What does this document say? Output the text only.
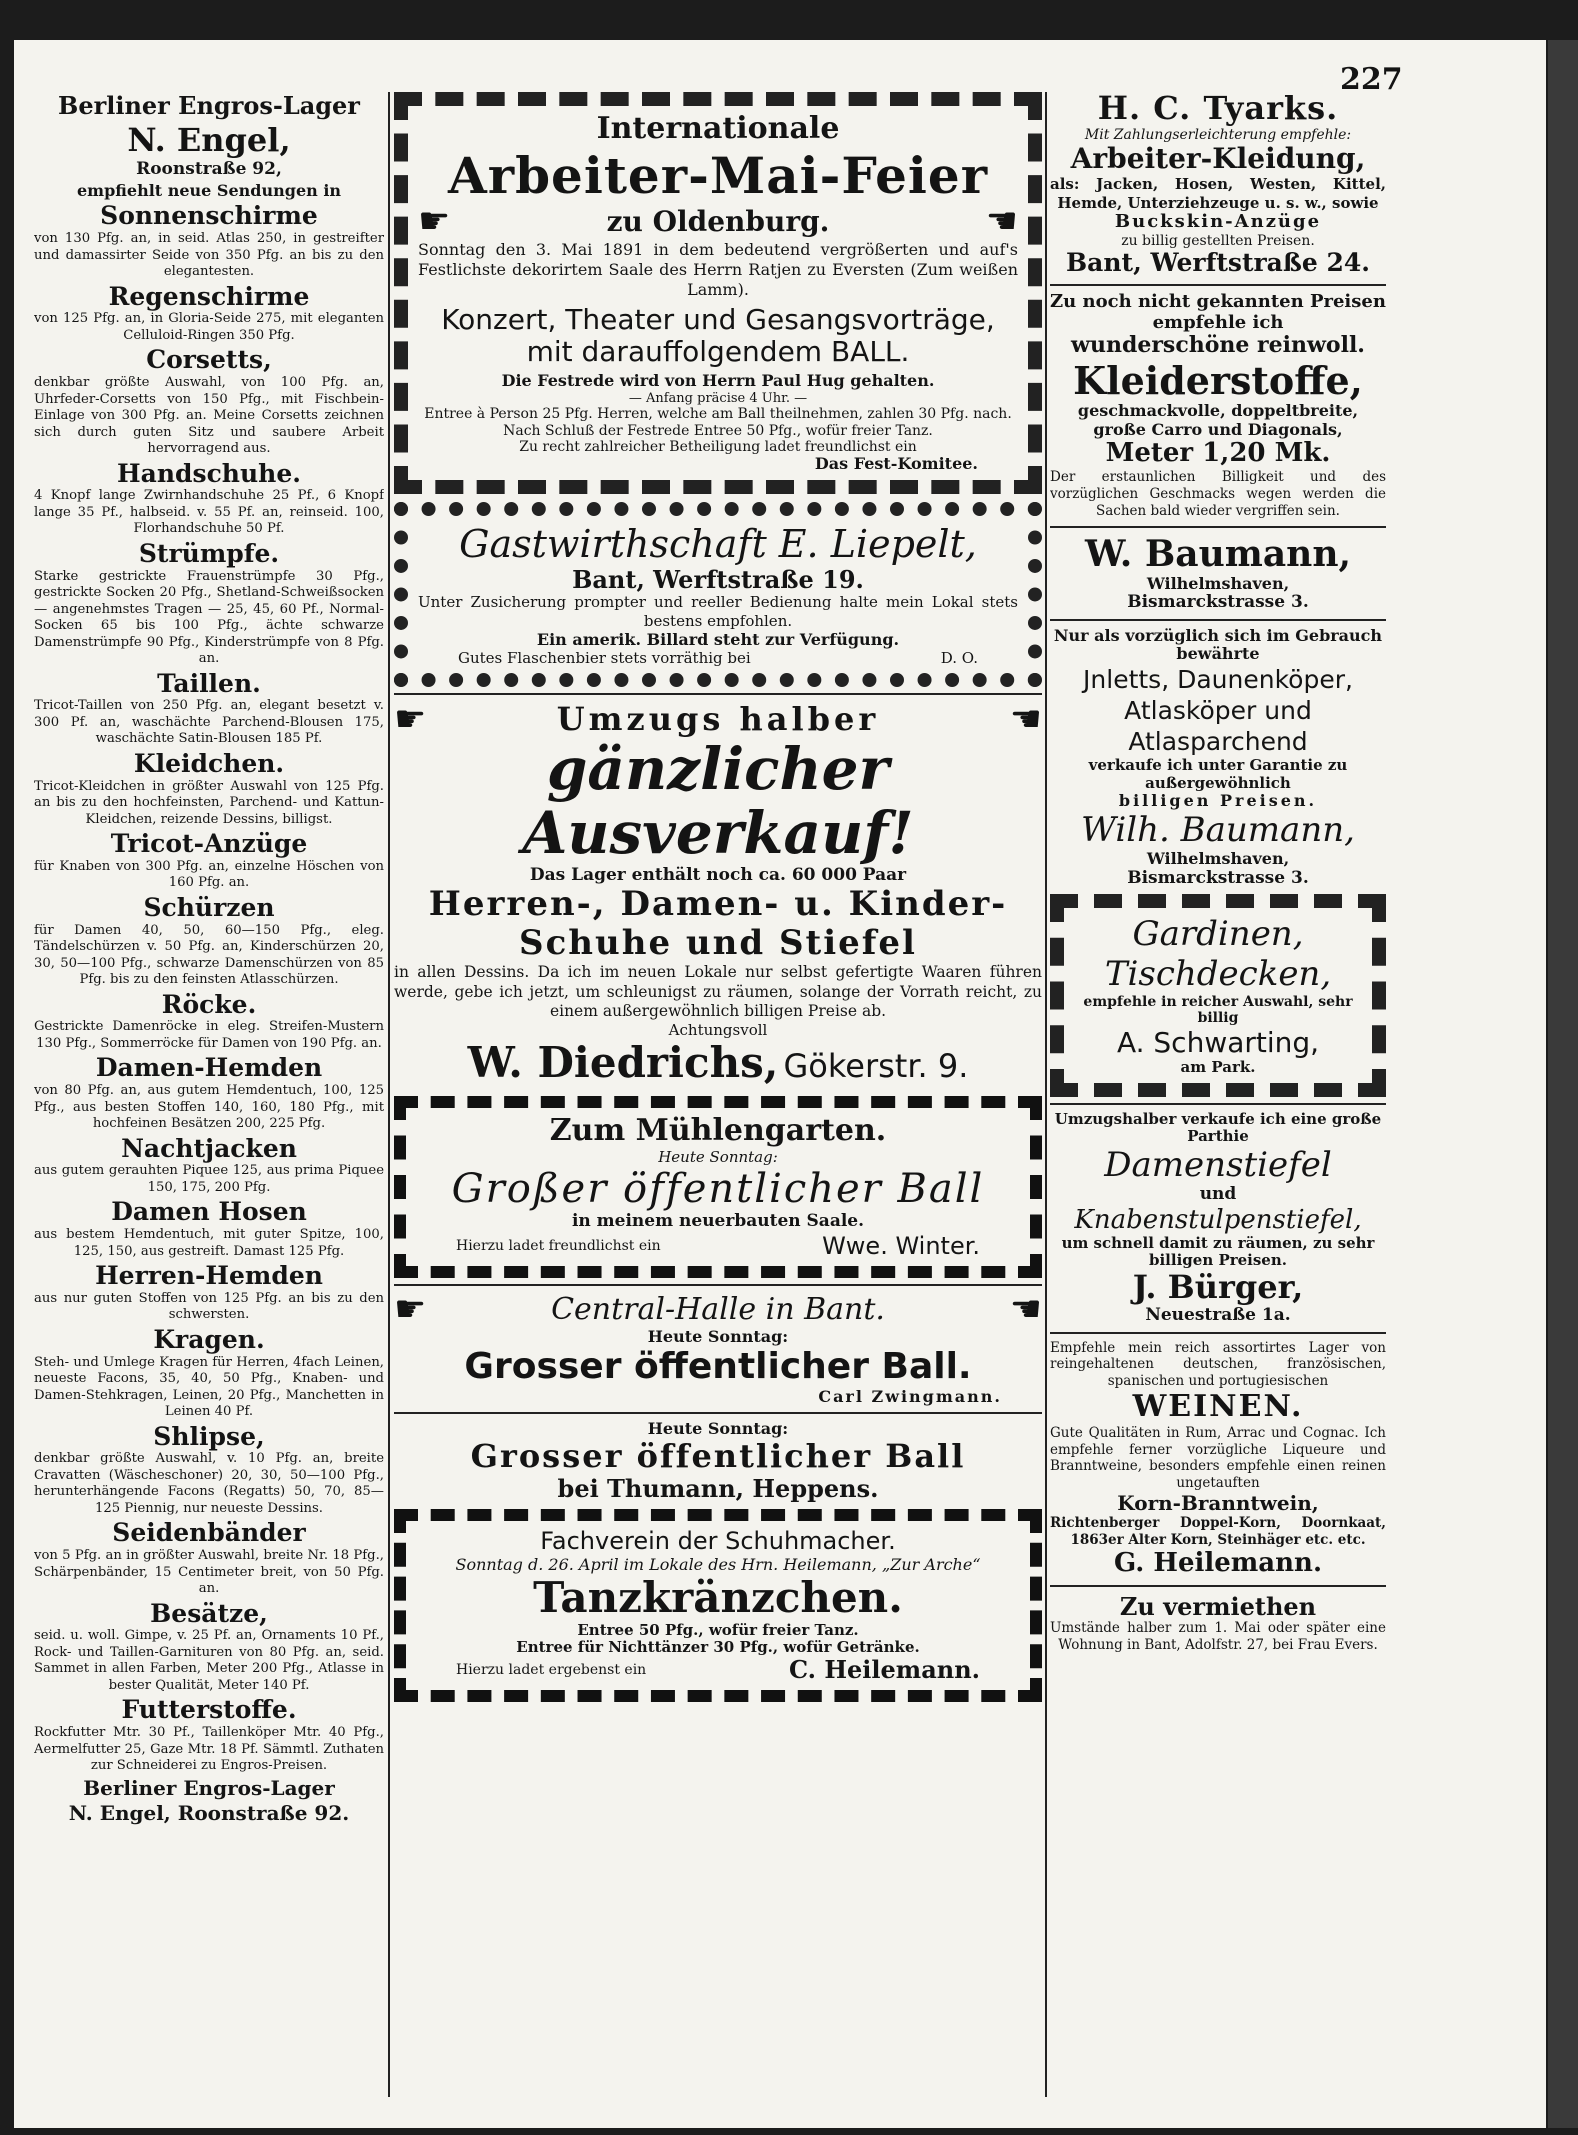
227

Berliner Engros-Lager

N. Engel,

Roonstraße 92,

empfiehlt neue Sendungen in

Sonnenschirme

von 130 Pfg. an, in seid. Atlas 250, in gestreifter und damassirter Seide von 350 Pfg. an bis zu den elegantesten.

Regenschirme

von 125 Pfg. an, in Gloria-Seide 275, mit eleganten Celluloid-Ringen 350 Pfg.

Corsetts,

denkbar größte Auswahl, von 100 Pfg. an, Uhrfeder-Corsetts von 150 Pfg., mit Fischbein-Einlage von 300 Pfg. an. Meine Corsetts zeichnen sich durch guten Sitz und saubere Arbeit hervorragend aus.

Handschuhe.

4 Knopf lange Zwirnhandschuhe 25 Pf., 6 Knopf lange 35 Pf., halbseid. v. 55 Pf. an, reinseid. 100, Florhandschuhe 50 Pf.

Strümpfe.

Starke gestrickte Frauenstrümpfe 30 Pfg., gestrickte Socken 20 Pfg., Shetland-Schweißsocken — angenehmstes Tragen — 25, 45, 60 Pf., Normal-Socken 65 bis 100 Pfg., ächte schwarze Damenstrümpfe 90 Pfg., Kinderstrümpfe von 8 Pfg. an.

Taillen.

Tricot-Taillen von 250 Pfg. an, elegant besetzt v. 300 Pf. an, waschächte Parchend-Blousen 175, waschächte Satin-Blousen 185 Pf.

Kleidchen.

Tricot-Kleidchen in größter Auswahl von 125 Pfg. an bis zu den hochfeinsten, Parchend- und Kattun-Kleidchen, reizende Dessins, billigst.

Tricot-Anzüge

für Knaben von 300 Pfg. an, einzelne Höschen von 160 Pfg. an.

Schürzen

für Damen 40, 50, 60—150 Pfg., eleg. Tändelschürzen v. 50 Pfg. an, Kinderschürzen 20, 30, 50—100 Pfg., schwarze Damenschürzen von 85 Pfg. bis zu den feinsten Atlasschürzen.

Röcke.

Gestrickte Damenröcke in eleg. Streifen-Mustern 130 Pfg., Sommerröcke für Damen von 190 Pfg. an.

Damen-Hemden

von 80 Pfg. an, aus gutem Hemdentuch, 100, 125 Pfg., aus besten Stoffen 140, 160, 180 Pfg., mit hochfeinen Besätzen 200, 225 Pfg.

Nachtjacken

aus gutem gerauhten Piquee 125, aus prima Piquee 150, 175, 200 Pfg.

Damen Hosen

aus bestem Hemdentuch, mit guter Spitze, 100, 125, 150, aus gestreift. Damast 125 Pfg.

Herren-Hemden

aus nur guten Stoffen von 125 Pfg. an bis zu den schwersten.

Kragen.

Steh- und Umlege Kragen für Herren, 4fach Leinen, neueste Facons, 35, 40, 50 Pfg., Knaben- und Damen-Stehkragen, Leinen, 20 Pfg., Manchetten in Leinen 40 Pf.

Shlipse,

denkbar größte Auswahl, v. 10 Pfg. an, breite Cravatten (Wäscheschoner) 20, 30, 50—100 Pfg., herunterhängende Facons (Regatts) 50, 70, 85—125 Piennig, nur neueste Dessins.

Seidenbänder

von 5 Pfg. an in größter Auswahl, breite Nr. 18 Pfg., Schärpenbänder, 15 Centimeter breit, von 50 Pfg. an.

Besätze,

seid. u. woll. Gimpe, v. 25 Pf. an, Ornaments 10 Pf., Rock- und Taillen-Garnituren von 80 Pfg. an, seid. Sammet in allen Farben, Meter 200 Pfg., Atlasse in bester Qualität, Meter 140 Pf.

Futterstoffe.

Rockfutter Mtr. 30 Pf., Taillenköper Mtr. 40 Pfg., Aermelfutter 25, Gaze Mtr. 18 Pf. Sämmtl. Zuthaten zur Schneiderei zu Engros-Preisen.

Berliner Engros-Lager

N. Engel, Roonstraße 92.

Internationale

Arbeiter-Mai-Feier

☛	zu Oldenburg.	☚

Sonntag den 3. Mai 1891 in dem bedeutend vergrößerten und auf's Festlichste dekorirtem Saale des Herrn Ratjen zu Eversten (Zum weißen Lamm).

Konzert, Theater und Gesangsvorträge, mit darauffolgendem BALL.

Die Festrede wird von Herrn Paul Hug gehalten.

— Anfang präcise 4 Uhr. —

Entree à Person 25 Pfg. Herren, welche am Ball theilnehmen, zahlen 30 Pfg. nach.

Nach Schluß der Festrede Entree 50 Pfg., wofür freier Tanz.

Zu recht zahlreicher Betheiligung ladet freundlichst ein

Das Fest-Komitee.

Gastwirthschaft E. Liepelt,

Bant, Werftstraße 19.

Unter Zusicherung prompter und reeller Bedienung halte mein Lokal stets bestens empfohlen.

Ein amerik. Billard steht zur Verfügung.

Gutes Flaschenbier stets vorräthig bei	D. O.
☛	Umzugs halber	☚

gänzlicher Ausverkauf!

Das Lager enthält noch ca. 60 000 Paar

Herren-, Damen- u. Kinder-

Schuhe und Stiefel

in allen Dessins. Da ich im neuen Lokale nur selbst gefertigte Waaren führen werde, gebe ich jetzt, um schleunigst zu räumen, solange der Vorrath reicht, zu einem außergewöhnlich billigen Preise ab.

Achtungsvoll

W. Diedrichs, Gökerstr. 9.

Zum Mühlengarten.

Heute Sonntag:

Großer öffentlicher Ball

in meinem neuerbauten Saale.

Hierzu ladet freundlichst ein	Wwe. Winter.
☛	Central-Halle in Bant.	☚

Heute Sonntag:

Grosser öffentlicher Ball.

Carl Zwingmann.

Heute Sonntag:

Grosser öffentlicher Ball

bei Thumann, Heppens.

Fachverein der Schuhmacher.

Sonntag d. 26. April im Lokale des Hrn. Heilemann, „Zur Arche“

Tanzkränzchen.

Entree 50 Pfg., wofür freier Tanz.

Entree für Nichttänzer 30 Pfg., wofür Getränke.

Hierzu ladet ergebenst ein	C. Heilemann.

H. C. Tyarks.

Mit Zahlungserleichterung empfehle:

Arbeiter-Kleidung,

als: Jacken, Hosen, Westen, Kittel, Hemde, Unterziehzeuge u. s. w., sowie

Buckskin-Anzüge

zu billig gestellten Preisen.

Bant, Werftstraße 24.

Zu noch nicht gekannten Preisen empfehle ich

wunderschöne reinwoll.

Kleiderstoffe,

geschmackvolle, doppeltbreite, große Carro und Diagonals,

Meter 1,20 Mk.

Der erstaunlichen Billigkeit und des vorzüglichen Geschmacks wegen werden die Sachen bald wieder vergriffen sein.

W. Baumann,

Wilhelmshaven,

Bismarckstrasse 3.

Nur als vorzüglich sich im Gebrauch bewährte

Jnletts, Daunenköper, Atlasköper und Atlasparchend

verkaufe ich unter Garantie zu außergewöhnlich

billigen Preisen.

Wilh. Baumann,

Wilhelmshaven,

Bismarckstrasse 3.

Gardinen,

Tischdecken,

empfehle in reicher Auswahl, sehr billig

A. Schwarting,

am Park.

Umzugshalber verkaufe ich eine große Parthie

Damenstiefel

und

Knabenstulpenstiefel,

um schnell damit zu räumen, zu sehr billigen Preisen.

J. Bürger,

Neuestraße 1a.

Empfehle mein reich assortirtes Lager von reingehaltenen deutschen, französischen, spanischen und portugiesischen

WEINEN.

Gute Qualitäten in Rum, Arrac und Cognac. Ich empfehle ferner vorzügliche Liqueure und Branntweine, besonders empfehle einen reinen ungetauften

Korn-Branntwein,

Richtenberger Doppel-Korn, Doornkaat, 1863er Alter Korn, Steinhäger etc. etc.

G. Heilemann.

Zu vermiethen

Umstände halber zum 1. Mai oder später eine Wohnung in Bant, Adolfstr. 27, bei Frau Evers.
